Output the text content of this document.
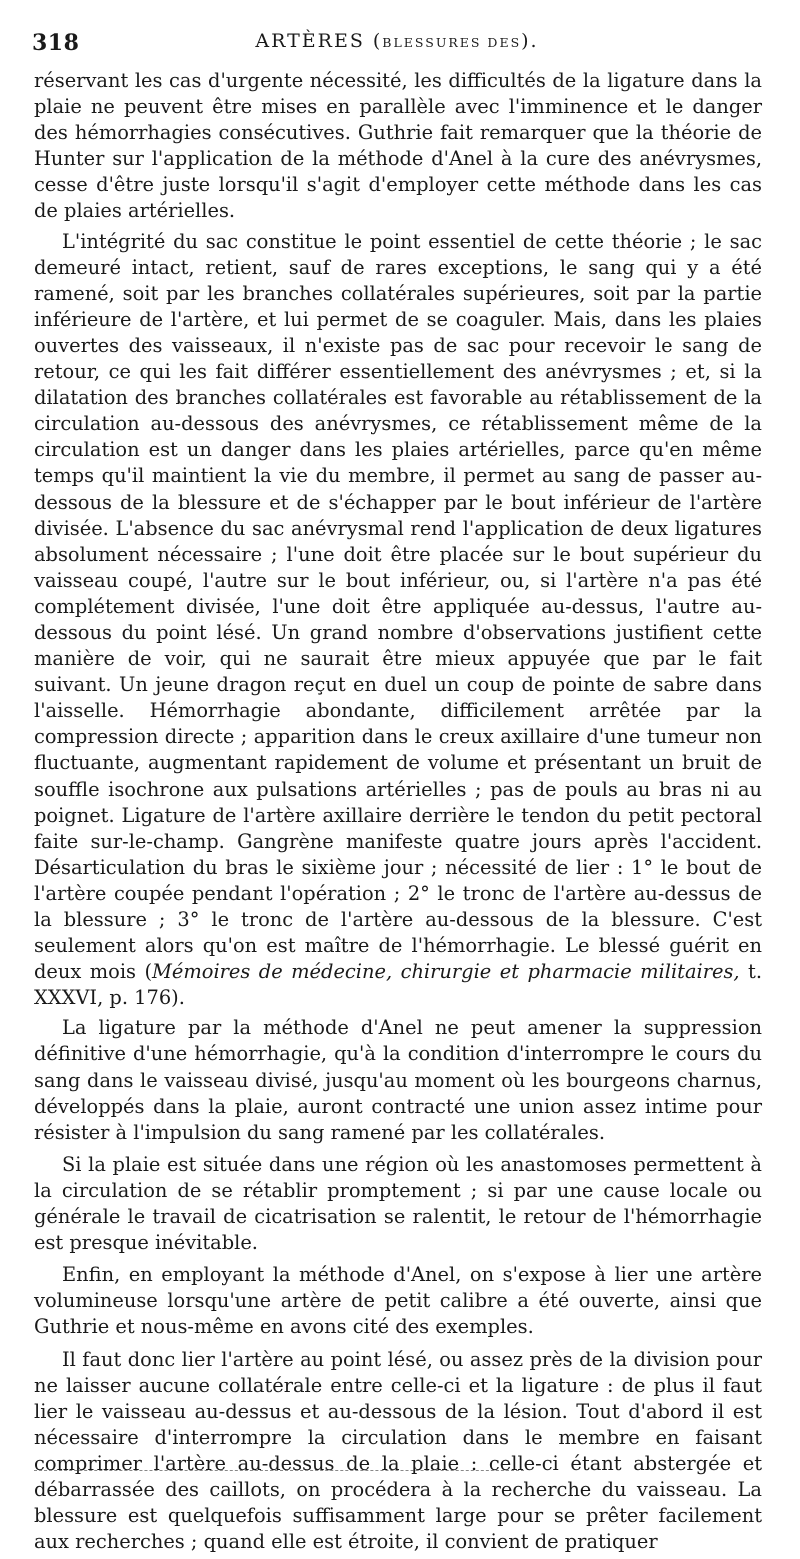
318	ARTÈRES (BLESSURES DES).

réservant les cas d'urgente nécessité, les difficultés de la ligature dans la plaie ne peuvent être mises en parallèle avec l'imminence et le danger des hémorrhagies consécutives. Guthrie fait remarquer que la théorie de Hunter sur l'application de la méthode d'Anel à la cure des anévrysmes, cesse d'être juste lorsqu'il s'agit d'employer cette méthode dans les cas de plaies artérielles.

L'intégrité du sac constitue le point essentiel de cette théorie ; le sac demeuré intact, retient, sauf de rares exceptions, le sang qui y a été ramené, soit par les branches collatérales supérieures, soit par la partie inférieure de l'artère, et lui permet de se coaguler. Mais, dans les plaies ouvertes des vaisseaux, il n'existe pas de sac pour recevoir le sang de retour, ce qui les fait différer essentiellement des anévrysmes ; et, si la dilatation des branches collatérales est favorable au rétablissement de la circulation au-dessous des anévrysmes, ce rétablissement même de la circulation est un danger dans les plaies artérielles, parce qu'en même temps qu'il maintient la vie du membre, il permet au sang de passer au-dessous de la blessure et de s'échapper par le bout inférieur de l'artère divisée. L'absence du sac anévrysmal rend l'application de deux ligatures absolument nécessaire ; l'une doit être placée sur le bout supérieur du vaisseau coupé, l'autre sur le bout inférieur, ou, si l'artère n'a pas été complétement divisée, l'une doit être appliquée au-dessus, l'autre au-dessous du point lésé. Un grand nombre d'observations justifient cette manière de voir, qui ne saurait être mieux appuyée que par le fait suivant. Un jeune dragon reçut en duel un coup de pointe de sabre dans l'aisselle. Hémorrhagie abondante, difficilement arrêtée par la compression directe ; apparition dans le creux axillaire d'une tumeur non fluctuante, augmentant rapidement de volume et présentant un bruit de souffle isochrone aux pulsations artérielles ; pas de pouls au bras ni au poignet. Ligature de l'artère axillaire derrière le tendon du petit pectoral faite sur-le-champ. Gangrène manifeste quatre jours après l'accident. Désarticulation du bras le sixième jour ; nécessité de lier : 1° le bout de l'artère coupée pendant l'opération ; 2° le tronc de l'artère au-dessus de la blessure ; 3° le tronc de l'artère au-dessous de la blessure. C'est seulement alors qu'on est maître de l'hémorrhagie. Le blessé guérit en deux mois (Mémoires de médecine, chirurgie et pharmacie militaires, t. XXXVI, p. 176).

La ligature par la méthode d'Anel ne peut amener la suppression définitive d'une hémorrhagie, qu'à la condition d'interrompre le cours du sang dans le vaisseau divisé, jusqu'au moment où les bourgeons charnus, développés dans la plaie, auront contracté une union assez intime pour résister à l'impulsion du sang ramené par les collatérales.

Si la plaie est située dans une région où les anastomoses permettent à la circulation de se rétablir promptement ; si par une cause locale ou générale le travail de cicatrisation se ralentit, le retour de l'hémorrhagie est presque inévitable.

Enfin, en employant la méthode d'Anel, on s'expose à lier une artère volumineuse lorsqu'une artère de petit calibre a été ouverte, ainsi que Guthrie et nous-même en avons cité des exemples.

Il faut donc lier l'artère au point lésé, ou assez près de la division pour ne laisser aucune collatérale entre celle-ci et la ligature : de plus il faut lier le vaisseau au-dessus et au-dessous de la lésion. Tout d'abord il est nécessaire d'interrompre la circulation dans le membre en faisant comprimer l'artère au-dessus de la plaie : celle-ci étant abstergée et débarrassée des caillots, on procédera à la recherche du vaisseau. La blessure est quelquefois suffisamment large pour se prêter facilement aux recherches ; quand elle est étroite, il convient de pratiquer
